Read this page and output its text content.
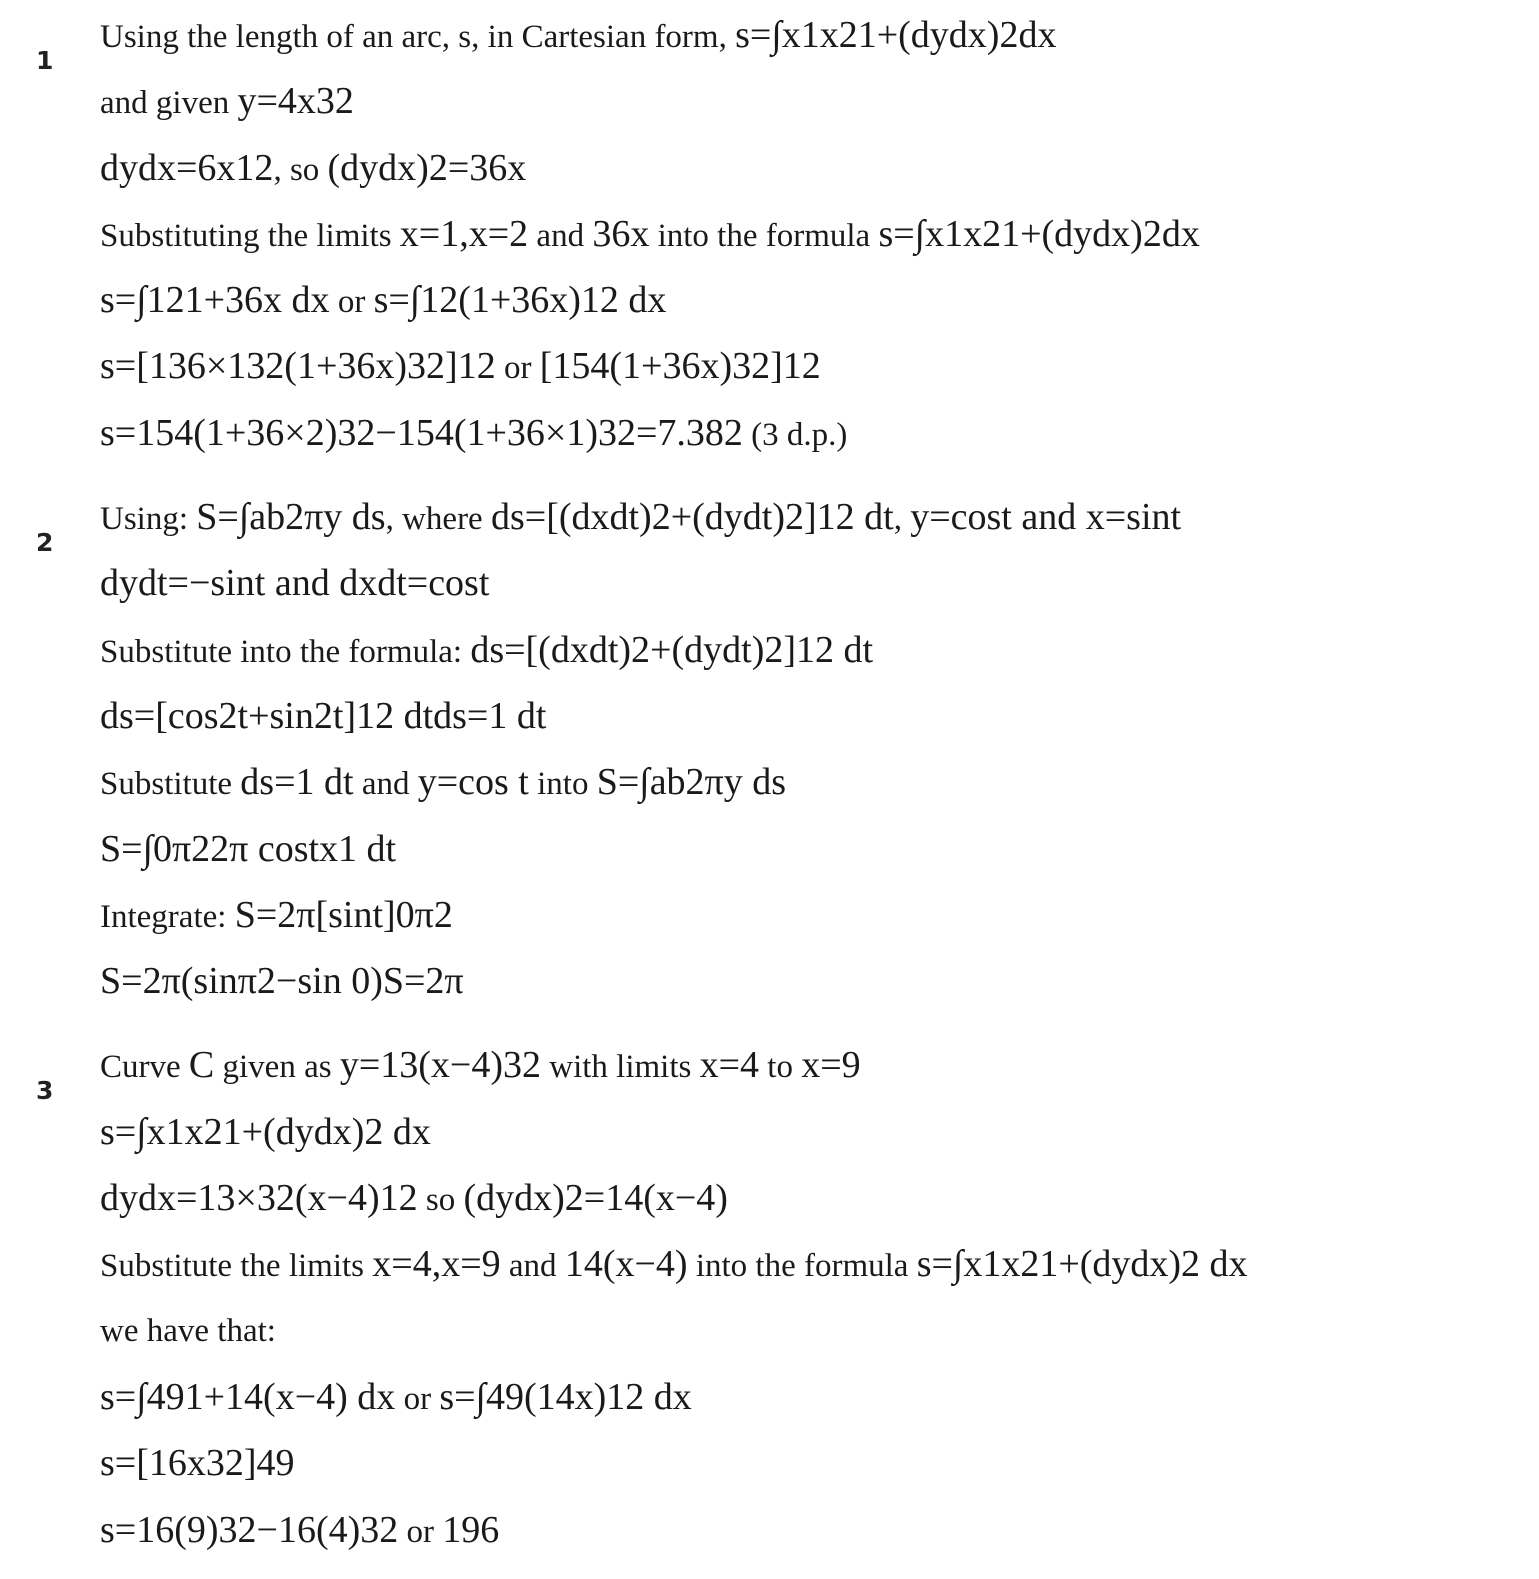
1
Using the length of an arc, s, in Cartesian form, s=∫x1x21+(dydx)2dx
and given y=4x32
dydx=6x12, so (dydx)2=36x
Substituting the limits x=1,x=2 and 36x into the formula s=∫x1x21+(dydx)2dx
s=∫121+36x dx or s=∫12(1+36x)12 dx
s=[136×132(1+36x)32]12 or [154(1+36x)32]12
s=154(1+36×2)32−154(1+36×1)32=7.382 (3 d.p.)
2
Using: S=∫ab2πy ds, where ds=[(dxdt)2+(dydt)2]12 dt, y=cost and x=sint
dydt=−sint and dxdt=cost
Substitute into the formula: ds=[(dxdt)2+(dydt)2]12 dt
ds=[cos2t+sin2t]12 dtds=1 dt
Substitute ds=1 dt and y=cos t into S=∫ab2πy ds
S=∫0π22π costx1 dt
Integrate: S=2π[sint]0π2
S=2π(sinπ2−sin 0)S=2π
3
Curve C given as y=13(x−4)32 with limits x=4 to x=9
s=∫x1x21+(dydx)2 dx
dydx=13×32(x−4)12 so (dydx)2=14(x−4)
Substitute the limits x=4,x=9 and 14(x−4) into the formula s=∫x1x21+(dydx)2 dx
we have that:
s=∫491+14(x−4) dx or s=∫49(14x)12 dx
s=[16x32]49
s=16(9)32−16(4)32 or 196
